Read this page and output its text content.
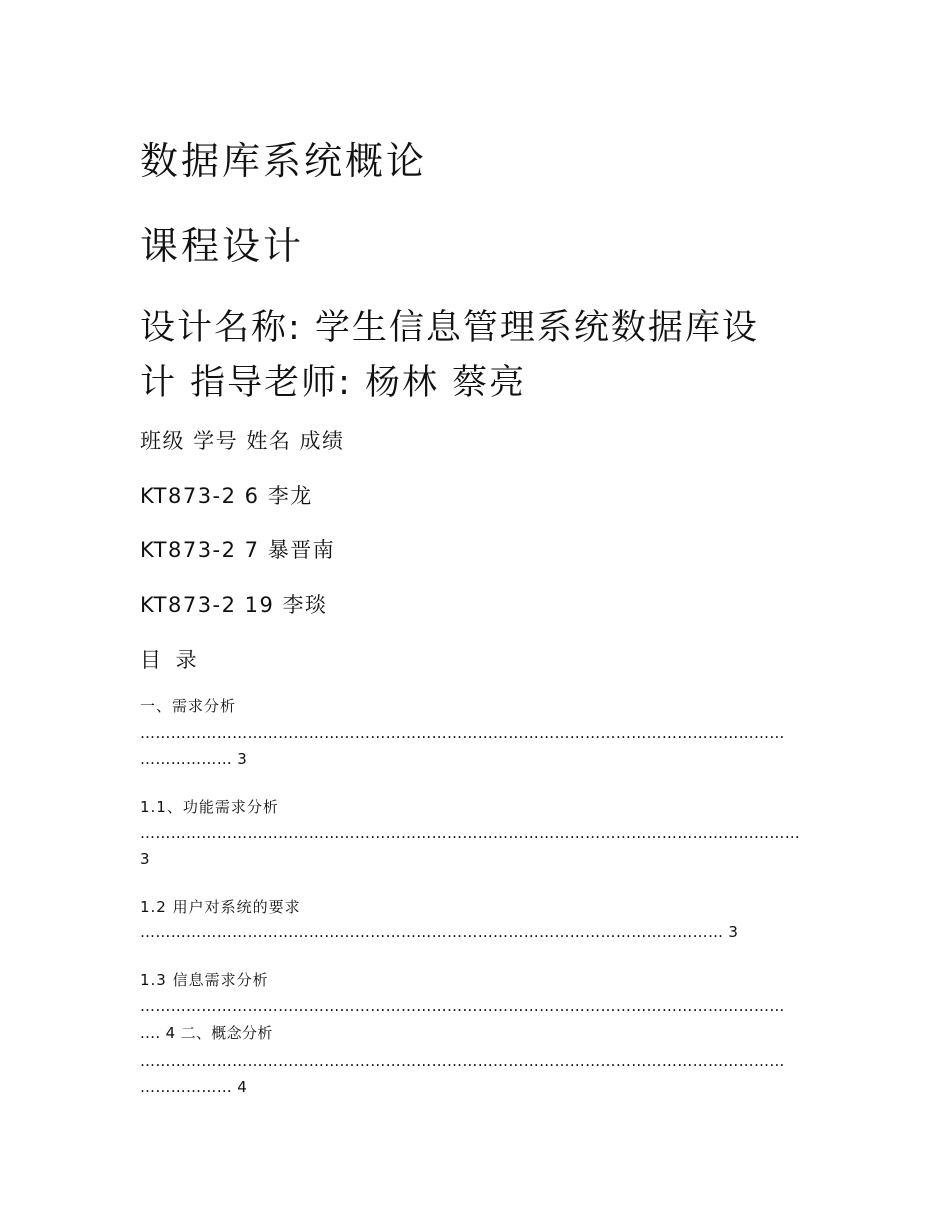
数据库系统概论
课程设计
设计名称: 学生信息管理系统数据库设
计 指导老师: 杨林 蔡亮
班级 学号 姓名 成绩
KT873-2 6 李龙
KT873-2 7 暴晋南
KT873-2 19 李琰
目 录
一、需求分析
………………………………………………………………………………………………………………
……………… 3
1.1、功能需求分析
…………………………………………………………………………………………………………………
3
1.2 用户对系统的要求
…………………………………………………………………………………………………… 3
1.3 信息需求分析
………………………………………………………………………………………………………………
.... 4 二、概念分析
………………………………………………………………………………………………………………
……………… 4
